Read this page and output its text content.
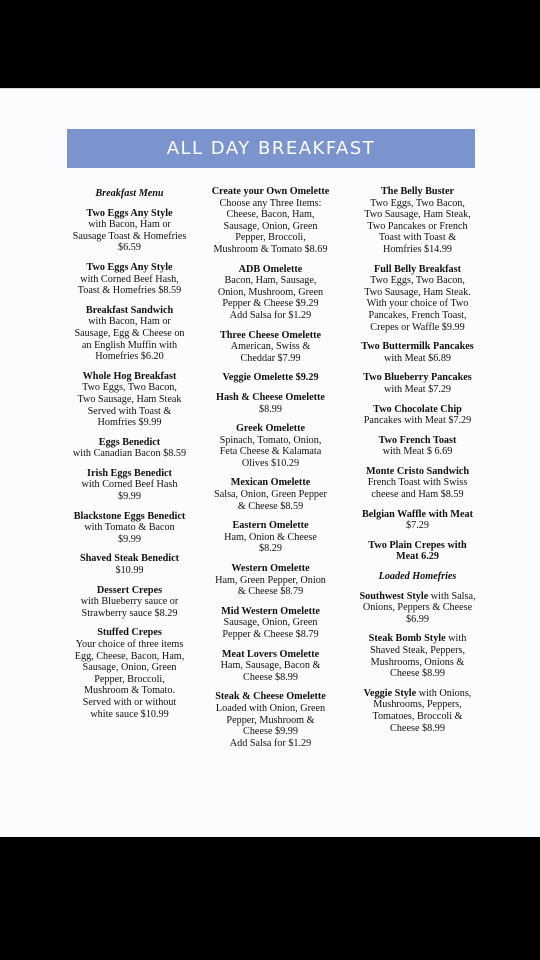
ALL DAY BREAKFAST
Breakfast Menu
Two Eggs Any Style
with Bacon, Ham or
Sausage Toast & Homefries
$6.59
Two Eggs Any Style
with Corned Beef Hash,
Toast & Homefries $8.59
Breakfast Sandwich
with Bacon, Ham or
Sausage, Egg & Cheese on
an English Muffin with
Homefries $6.20
Whole Hog Breakfast
Two Eggs, Two Bacon,
Two Sausage, Ham Steak
Served with Toast &
Homfries $9.99
Eggs Benedict
with Canadian Bacon $8.59
Irish Eggs Benedict
with Corned Beef Hash
$9.99
Blackstone Eggs Benedict
with Tomato & Bacon
$9.99
Shaved Steak Benedict
$10.99
Dessert Crepes
with Blueberry sauce or
Strawberry sauce $8.29
Stuffed Crepes
Your choice of three items
Egg, Cheese, Bacon, Ham,
Sausage, Onion, Green
Pepper, Broccoli,
Mushroom & Tomato.
Served with or without
white sauce $10.99
Create your Own Omelette
Choose any Three Items:
Cheese, Bacon, Ham,
Sausage, Onion, Green
Pepper, Broccoli,
Mushroom & Tomato $8.69
ADB Omelette
Bacon, Ham, Sausage,
Onion, Mushroom, Green
Pepper & Cheese $9.29
Add Salsa for $1.29
Three Cheese Omelette
American, Swiss &
Cheddar $7.99
Veggie Omelette $9.29
Hash & Cheese Omelette
$8.99
Greek Omelette
Spinach, Tomato, Onion,
Feta Cheese & Kalamata
Olives $10.29
Mexican Omelette
Salsa, Onion, Green Pepper
& Cheese $8.59
Eastern Omelette
Ham, Onion & Cheese
$8.29
Western Omelette
Ham, Green Pepper, Onion
& Cheese $8.79
Mid Western Omelette
Sausage, Onion, Green
Pepper & Cheese $8.79
Meat Lovers Omelette
Ham, Sausage, Bacon &
Cheese $8.99
Steak & Cheese Omelette
Loaded with Onion, Green
Pepper, Mushroom &
Cheese $9.99
Add Salsa for $1.29
The Belly Buster
Two Eggs, Two Bacon,
Two Sausage, Ham Steak,
Two Pancakes or French
Toast with Toast &
Homfries $14.99
Full Belly Breakfast
Two Eggs, Two Bacon,
Two Sausage, Ham Steak.
With your choice of Two
Pancakes, French Toast,
Crepes or Waffle $9.99
Two Buttermilk Pancakes
with Meat $6.89
Two Blueberry Pancakes
with Meat $7.29
Two Chocolate Chip
Pancakes with Meat $7.29
Two French Toast
with Meat $ 6.69
Monte Cristo Sandwich
French Toast with Swiss
cheese and Ham $8.59
Belgian Waffle with Meat
$7.29
Two Plain Crepes with
Meat 6.29
Loaded Homefries
Southwest Style with Salsa,
Onions, Peppers & Cheese
$6.99
Steak Bomb Style with
Shaved Steak, Peppers,
Mushrooms, Onions &
Cheese $8.99
Veggie Style with Onions,
Mushrooms, Peppers,
Tomatoes, Broccoli &
Cheese $8.99
